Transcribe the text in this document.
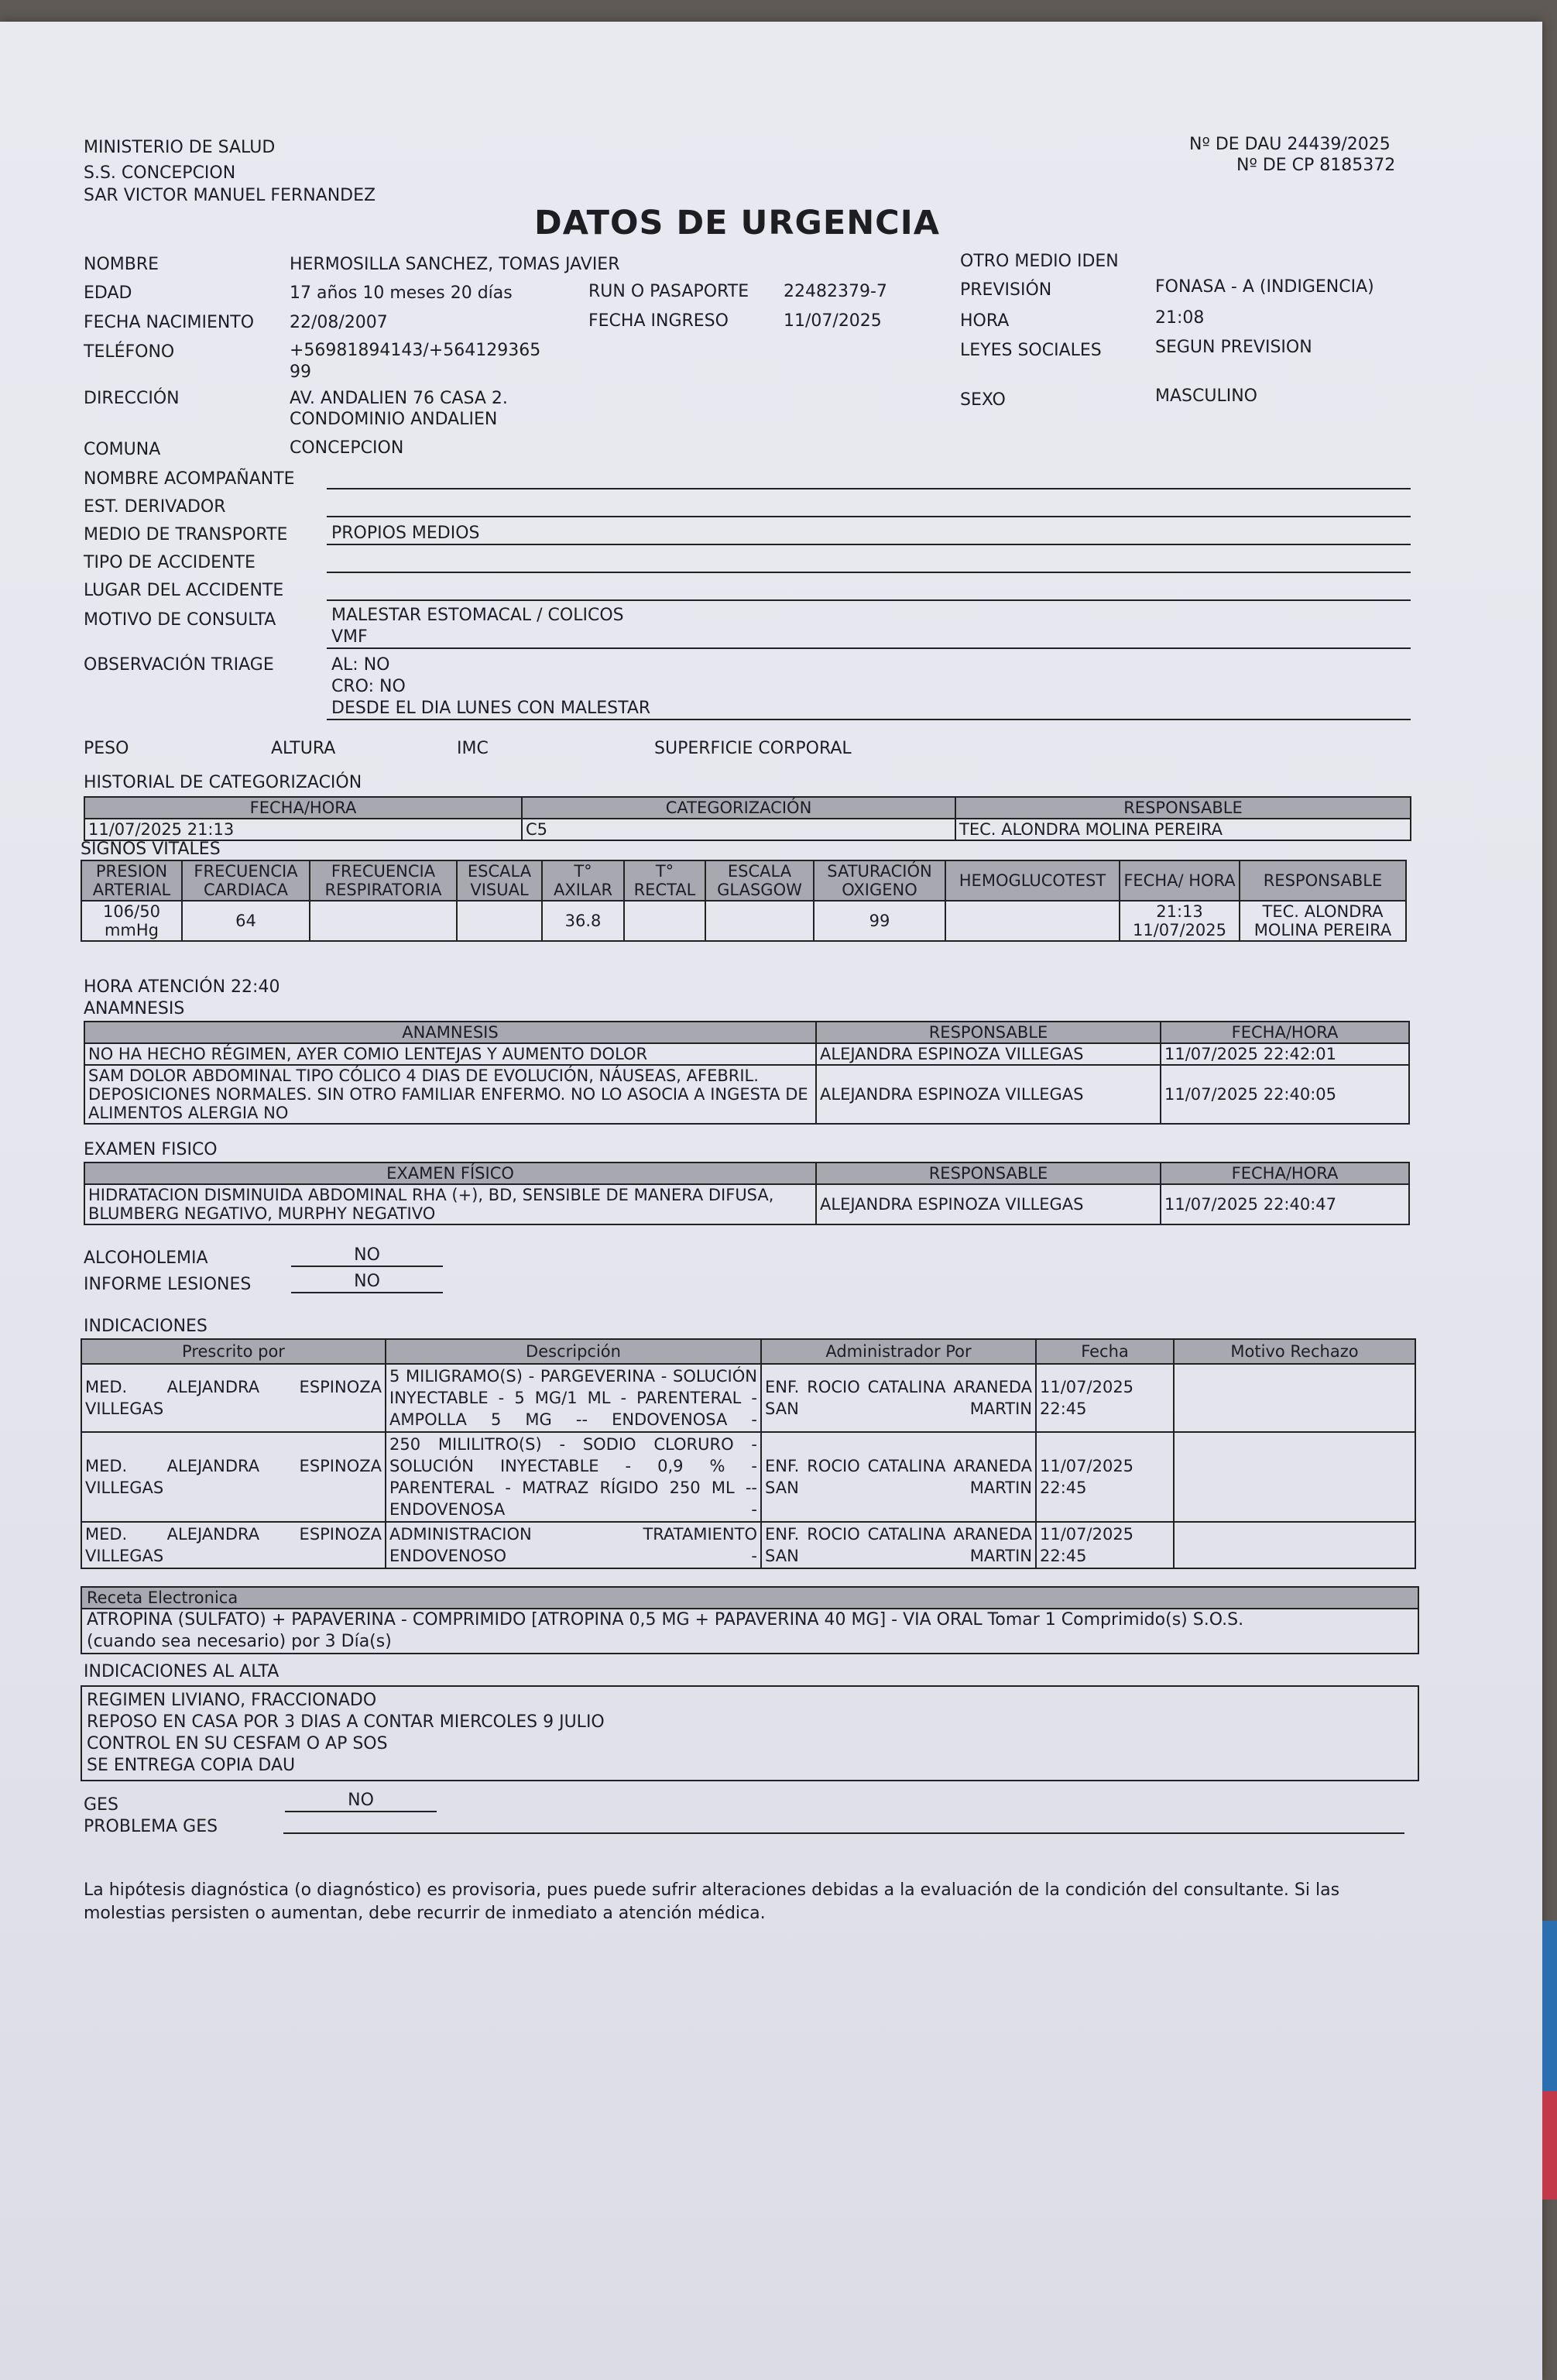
MINISTERIO DE SALUD
S.S. CONCEPCION
SAR VICTOR MANUEL FERNANDEZ
Nº DE DAU 24439/2025
Nº DE CP 8185372
DATOS DE URGENCIA
NOMBRE	HERMOSILLA SANCHEZ, TOMAS JAVIER	OTRO MEDIO IDEN
EDAD	17 años 10 meses 20 días	RUN O PASAPORTE 22482379-7	PREVISIÓN	FONASA - A (INDIGENCIA)
FECHA NACIMIENTO 22/08/2007	FECHA INGRESO	11/07/2025	HORA	21:08
TELÉFONO	+56981894143/+564129365
99
LEYES SOCIALES	SEGUN PREVISION
DIRECCIÓN	AV. ANDALIEN 76 CASA 2.
CONDOMINIO ANDALIEN
SEXO	MASCULINO
COMUNA	CONCEPCION
NOMBRE ACOMPAÑANTE
EST. DERIVADOR
MEDIO DE TRANSPORTE	PROPIOS MEDIOS
TIPO DE ACCIDENTE
LUGAR DEL ACCIDENTE
MOTIVO DE CONSULTA	MALESTAR ESTOMACAL / COLICOS
VMF
OBSERVACIÓN TRIAGE	AL: NO
CRO: NO
DESDE EL DIA LUNES CON MALESTAR
PESO	ALTURA	IMC	SUPERFICIE CORPORAL
HISTORIAL DE CATEGORIZACIÓN
FECHA/HORA	CATEGORIZACIÓN	RESPONSABLE
11/07/2025 21:13	C5	TEC. ALONDRA MOLINA PEREIRA
SIGNOS VITALES
PRESION ARTERIAL	FRECUENCIA CARDIACA	FRECUENCIA RESPIRATORIA	ESCALA VISUAL	T° AXILAR	T° RECTAL	ESCALA GLASGOW	SATURACIÓN OXIGENO	HEMOGLUCOTEST	FECHA/ HORA	RESPONSABLE
106/50 mmHg	64			36.8			99		21:13 11/07/2025	TEC. ALONDRA MOLINA PEREIRA
HORA ATENCIÓN 22:40
ANAMNESIS
ANAMNESIS	RESPONSABLE	FECHA/HORA
NO HA HECHO RÉGIMEN, AYER COMIO LENTEJAS Y AUMENTO DOLOR	ALEJANDRA ESPINOZA VILLEGAS	11/07/2025 22:42:01
SAM DOLOR ABDOMINAL TIPO CÓLICO 4 DIAS DE EVOLUCIÓN, NÁUSEAS, AFEBRIL. DEPOSICIONES NORMALES. SIN OTRO FAMILIAR ENFERMO. NO LO ASOCIA A INGESTA DE ALIMENTOS ALERGIA NO	ALEJANDRA ESPINOZA VILLEGAS	11/07/2025 22:40:05
EXAMEN FISICO
EXAMEN FÍSICO	RESPONSABLE	FECHA/HORA
HIDRATACION DISMINUIDA ABDOMINAL RHA (+), BD, SENSIBLE DE MANERA DIFUSA, BLUMBERG NEGATIVO, MURPHY NEGATIVO	ALEJANDRA ESPINOZA VILLEGAS	11/07/2025 22:40:47
ALCOHOLEMIA	NO
INFORME LESIONES	NO
INDICACIONES
Prescrito por	Descripción	Administrador Por	Fecha	Motivo Rechazo
MED. ALEJANDRA ESPINOZA VILLEGAS	5 MILIGRAMO(S) - PARGEVERINA - SOLUCIÓN INYECTABLE - 5 MG/1 ML - PARENTERAL - AMPOLLA 5 MG -- ENDOVENOSA -	ENF. ROCIO CATALINA ARANEDA SAN MARTIN	11/07/2025 22:45	
MED. ALEJANDRA ESPINOZA VILLEGAS	250 MILILITRO(S) - SODIO CLORURO - SOLUCIÓN INYECTABLE - 0,9 % - PARENTERAL - MATRAZ RÍGIDO 250 ML -- ENDOVENOSA -	ENF. ROCIO CATALINA ARANEDA SAN MARTIN	11/07/2025 22:45	
MED. ALEJANDRA ESPINOZA VILLEGAS	ADMINISTRACION TRATAMIENTO ENDOVENOSO -	ENF. ROCIO CATALINA ARANEDA SAN MARTIN	11/07/2025 22:45	
Receta Electronica
ATROPINA (SULFATO) + PAPAVERINA - COMPRIMIDO [ATROPINA 0,5 MG + PAPAVERINA 40 MG] - VIA ORAL Tomar 1 Comprimido(s) S.O.S.
(cuando sea necesario) por 3 Día(s)
INDICACIONES AL ALTA
REGIMEN LIVIANO, FRACCIONADO
REPOSO EN CASA POR 3 DIAS A CONTAR MIERCOLES 9 JULIO
CONTROL EN SU CESFAM O AP SOS
SE ENTREGA COPIA DAU
GES	NO
PROBLEMA GES
La hipótesis diagnóstica (o diagnóstico) es provisoria, pues puede sufrir alteraciones debidas a la evaluación de la condición del consultante. Si las molestias persisten o aumentan, debe recurrir de inmediato a atención médica.
